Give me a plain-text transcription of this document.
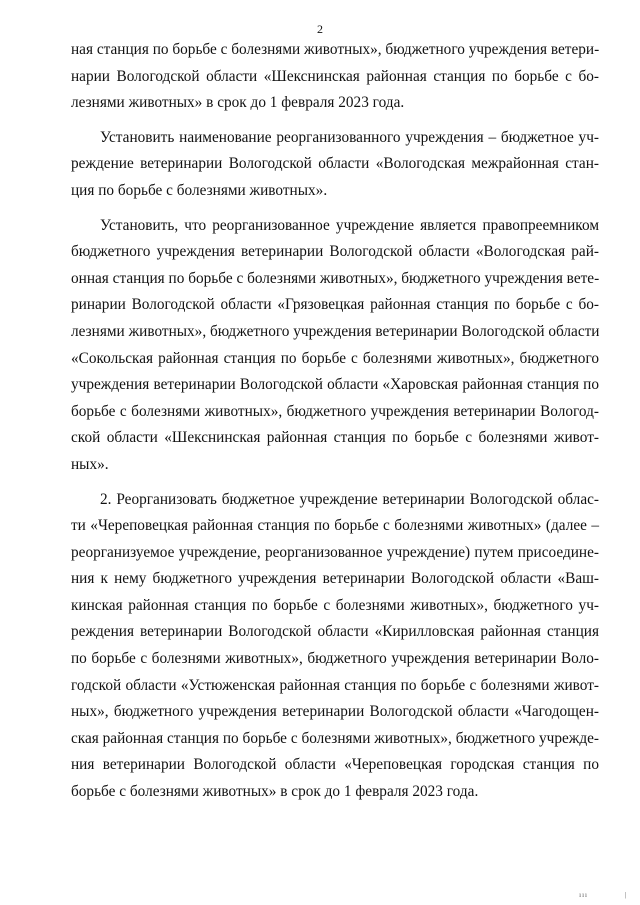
2
ная станция по борьбе с болезнями животных», бюджетного учреждения ветери-
нарии Вологодской области «Шекснинская районная станция по борьбе с бо-
лезнями животных» в срок до 1 февраля 2023 года.
Установить наименование реорганизованного учреждения – бюджетное уч-
реждение ветеринарии Вологодской области «Вологодская межрайонная стан-
ция по борьбе с болезнями животных».
Установить, что реорганизованное учреждение является правопреемником
бюджетного учреждения ветеринарии Вологодской области «Вологодская рай-
онная станция по борьбе с болезнями животных», бюджетного учреждения вете-
ринарии Вологодской области «Грязовецкая районная станция по борьбе с бо-
лезнями животных», бюджетного учреждения ветеринарии Вологодской области
«Сокольская районная станция по борьбе с болезнями животных», бюджетного
учреждения ветеринарии Вологодской области «Харовская районная станция по
борьбе с болезнями животных», бюджетного учреждения ветеринарии Вологод-
ской области «Шекснинская районная станция по борьбе с болезнями живот-
ных».
2. Реорганизовать бюджетное учреждение ветеринарии Вологодской облас-
ти «Череповецкая районная станция по борьбе с болезнями животных» (далее –
реорганизуемое учреждение, реорганизованное учреждение) путем присоедине-
ния к нему бюджетного учреждения ветеринарии Вологодской области «Ваш-
кинская районная станция по борьбе с болезнями животных», бюджетного уч-
реждения ветеринарии Вологодской области «Кирилловская районная станция
по борьбе с болезнями животных», бюджетного учреждения ветеринарии Воло-
годской области «Устюженская районная станция по борьбе с болезнями живот-
ных», бюджетного учреждения ветеринарии Вологодской области «Чагодощен-
ская районная станция по борьбе с болезнями животных», бюджетного учрежде-
ния ветеринарии Вологодской области «Череповецкая городская станция по
борьбе с болезнями животных» в срок до 1 февраля 2023 года.
ııı	|
